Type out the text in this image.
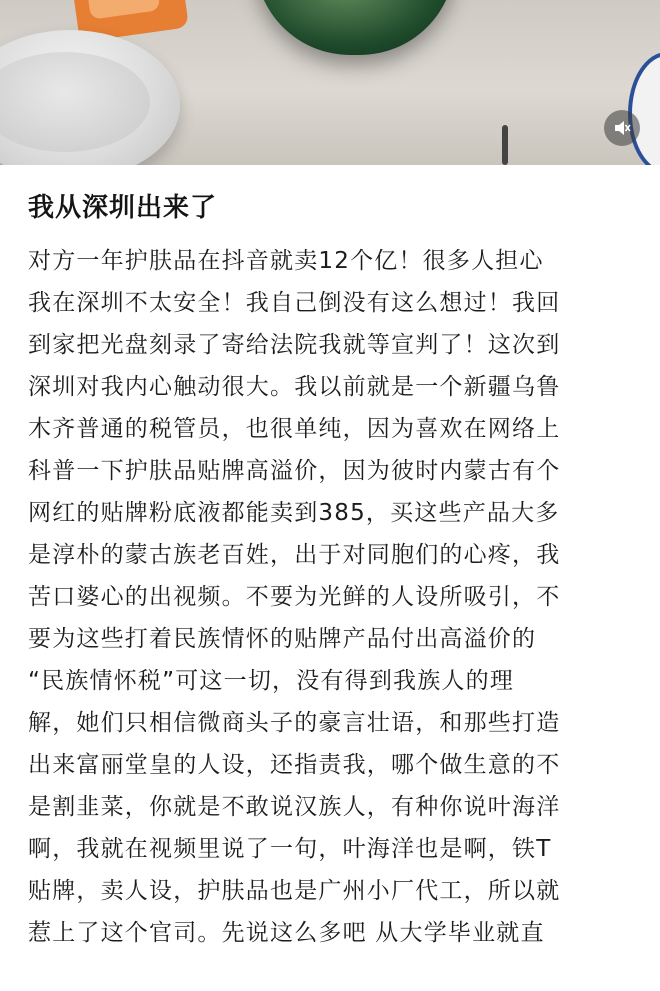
我从深圳出来了
对方一年护肤品在抖音就卖12个亿！很多人担心
我在深圳不太安全！我自己倒没有这么想过！我回
到家把光盘刻录了寄给法院我就等宣判了！这次到
深圳对我内心触动很大。我以前就是一个新疆乌鲁
木齐普通的税管员，也很单纯，因为喜欢在网络上
科普一下护肤品贴牌高溢价，因为彼时内蒙古有个
网红的贴牌粉底液都能卖到385，买这些产品大多
是淳朴的蒙古族老百姓，出于对同胞们的心疼，我
苦口婆心的出视频。不要为光鲜的人设所吸引，不
要为这些打着民族情怀的贴牌产品付出高溢价的
“民族情怀税”可这一切，没有得到我族人的理
解，她们只相信微商头子的豪言壮语，和那些打造
出来富丽堂皇的人设，还指责我，哪个做生意的不
是割韭菜，你就是不敢说汉族人，有种你说叶海洋
啊，我就在视频里说了一句，叶海洋也是啊，铁T
贴牌，卖人设，护肤品也是广州小厂代工，所以就
惹上了这个官司。先说这么多吧 从大学毕业就直
